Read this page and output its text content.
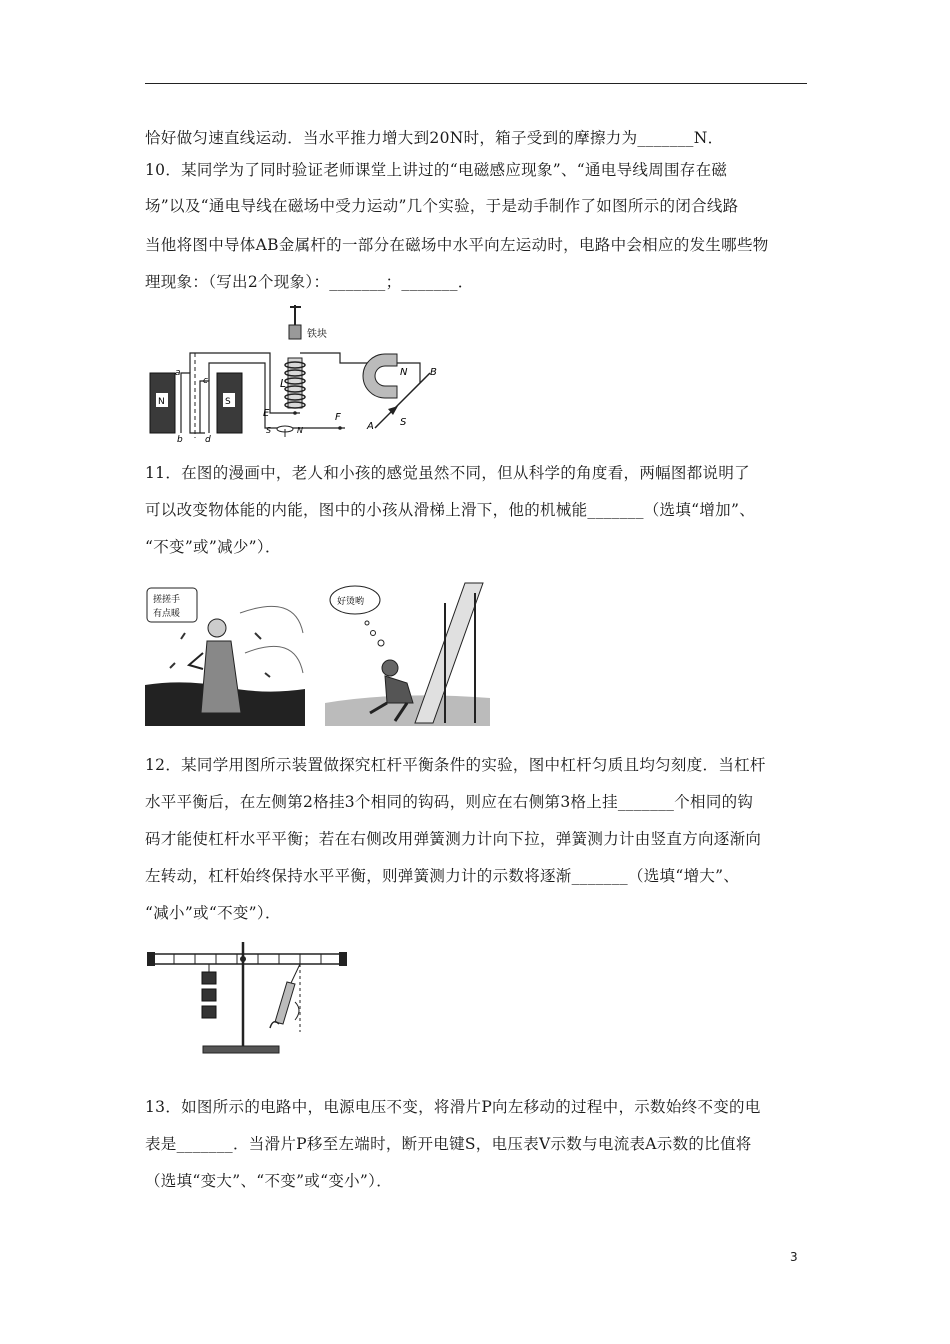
恰好做匀速直线运动．当水平推力增大到20N时，箱子受到的摩擦力为_______N．
10．某同学为了同时验证老师课堂上讲过的“电磁感应现象”、“通电导线周围存在磁
场”以及“通电导线在磁场中受力运动”几个实验，于是动手制作了如图所示的闭合线路
当他将图中导体AB金属杆的一部分在磁场中水平向左运动时，电路中会相应的发生哪些物
理现象：（写出2个现象）：_______；_______．
铁块
N	S
a
b
c
d
L
N
S
A
B
E	F
S	N
11．在图的漫画中，老人和小孩的感觉虽然不同，但从科学的角度看，两幅图都说明了
可以改变物体能的内能，图中的小孩从滑梯上滑下，他的机械能_______（选填“增加”、
“不变”或”减少”）．
搓搓手
有点暖
好烫哟
12．某同学用图所示装置做探究杠杆平衡条件的实验，图中杠杆匀质且均匀刻度．当杠杆
水平平衡后，在左侧第2格挂3个相同的钩码，则应在右侧第3格上挂_______个相同的钩
码才能使杠杆水平平衡；若在右侧改用弹簧测力计向下拉，弹簧测力计由竖直方向逐渐向
左转动，杠杆始终保持水平平衡，则弹簧测力计的示数将逐渐_______（选填“增大”、
“减小”或“不变”）．
13．如图所示的电路中，电源电压不变，将滑片P向左移动的过程中，示数始终不变的电
表是_______．当滑片P移至左端时，断开电键S，电压表V示数与电流表A示数的比值将
（选填“变大”、“不变”或“变小”）．
3
